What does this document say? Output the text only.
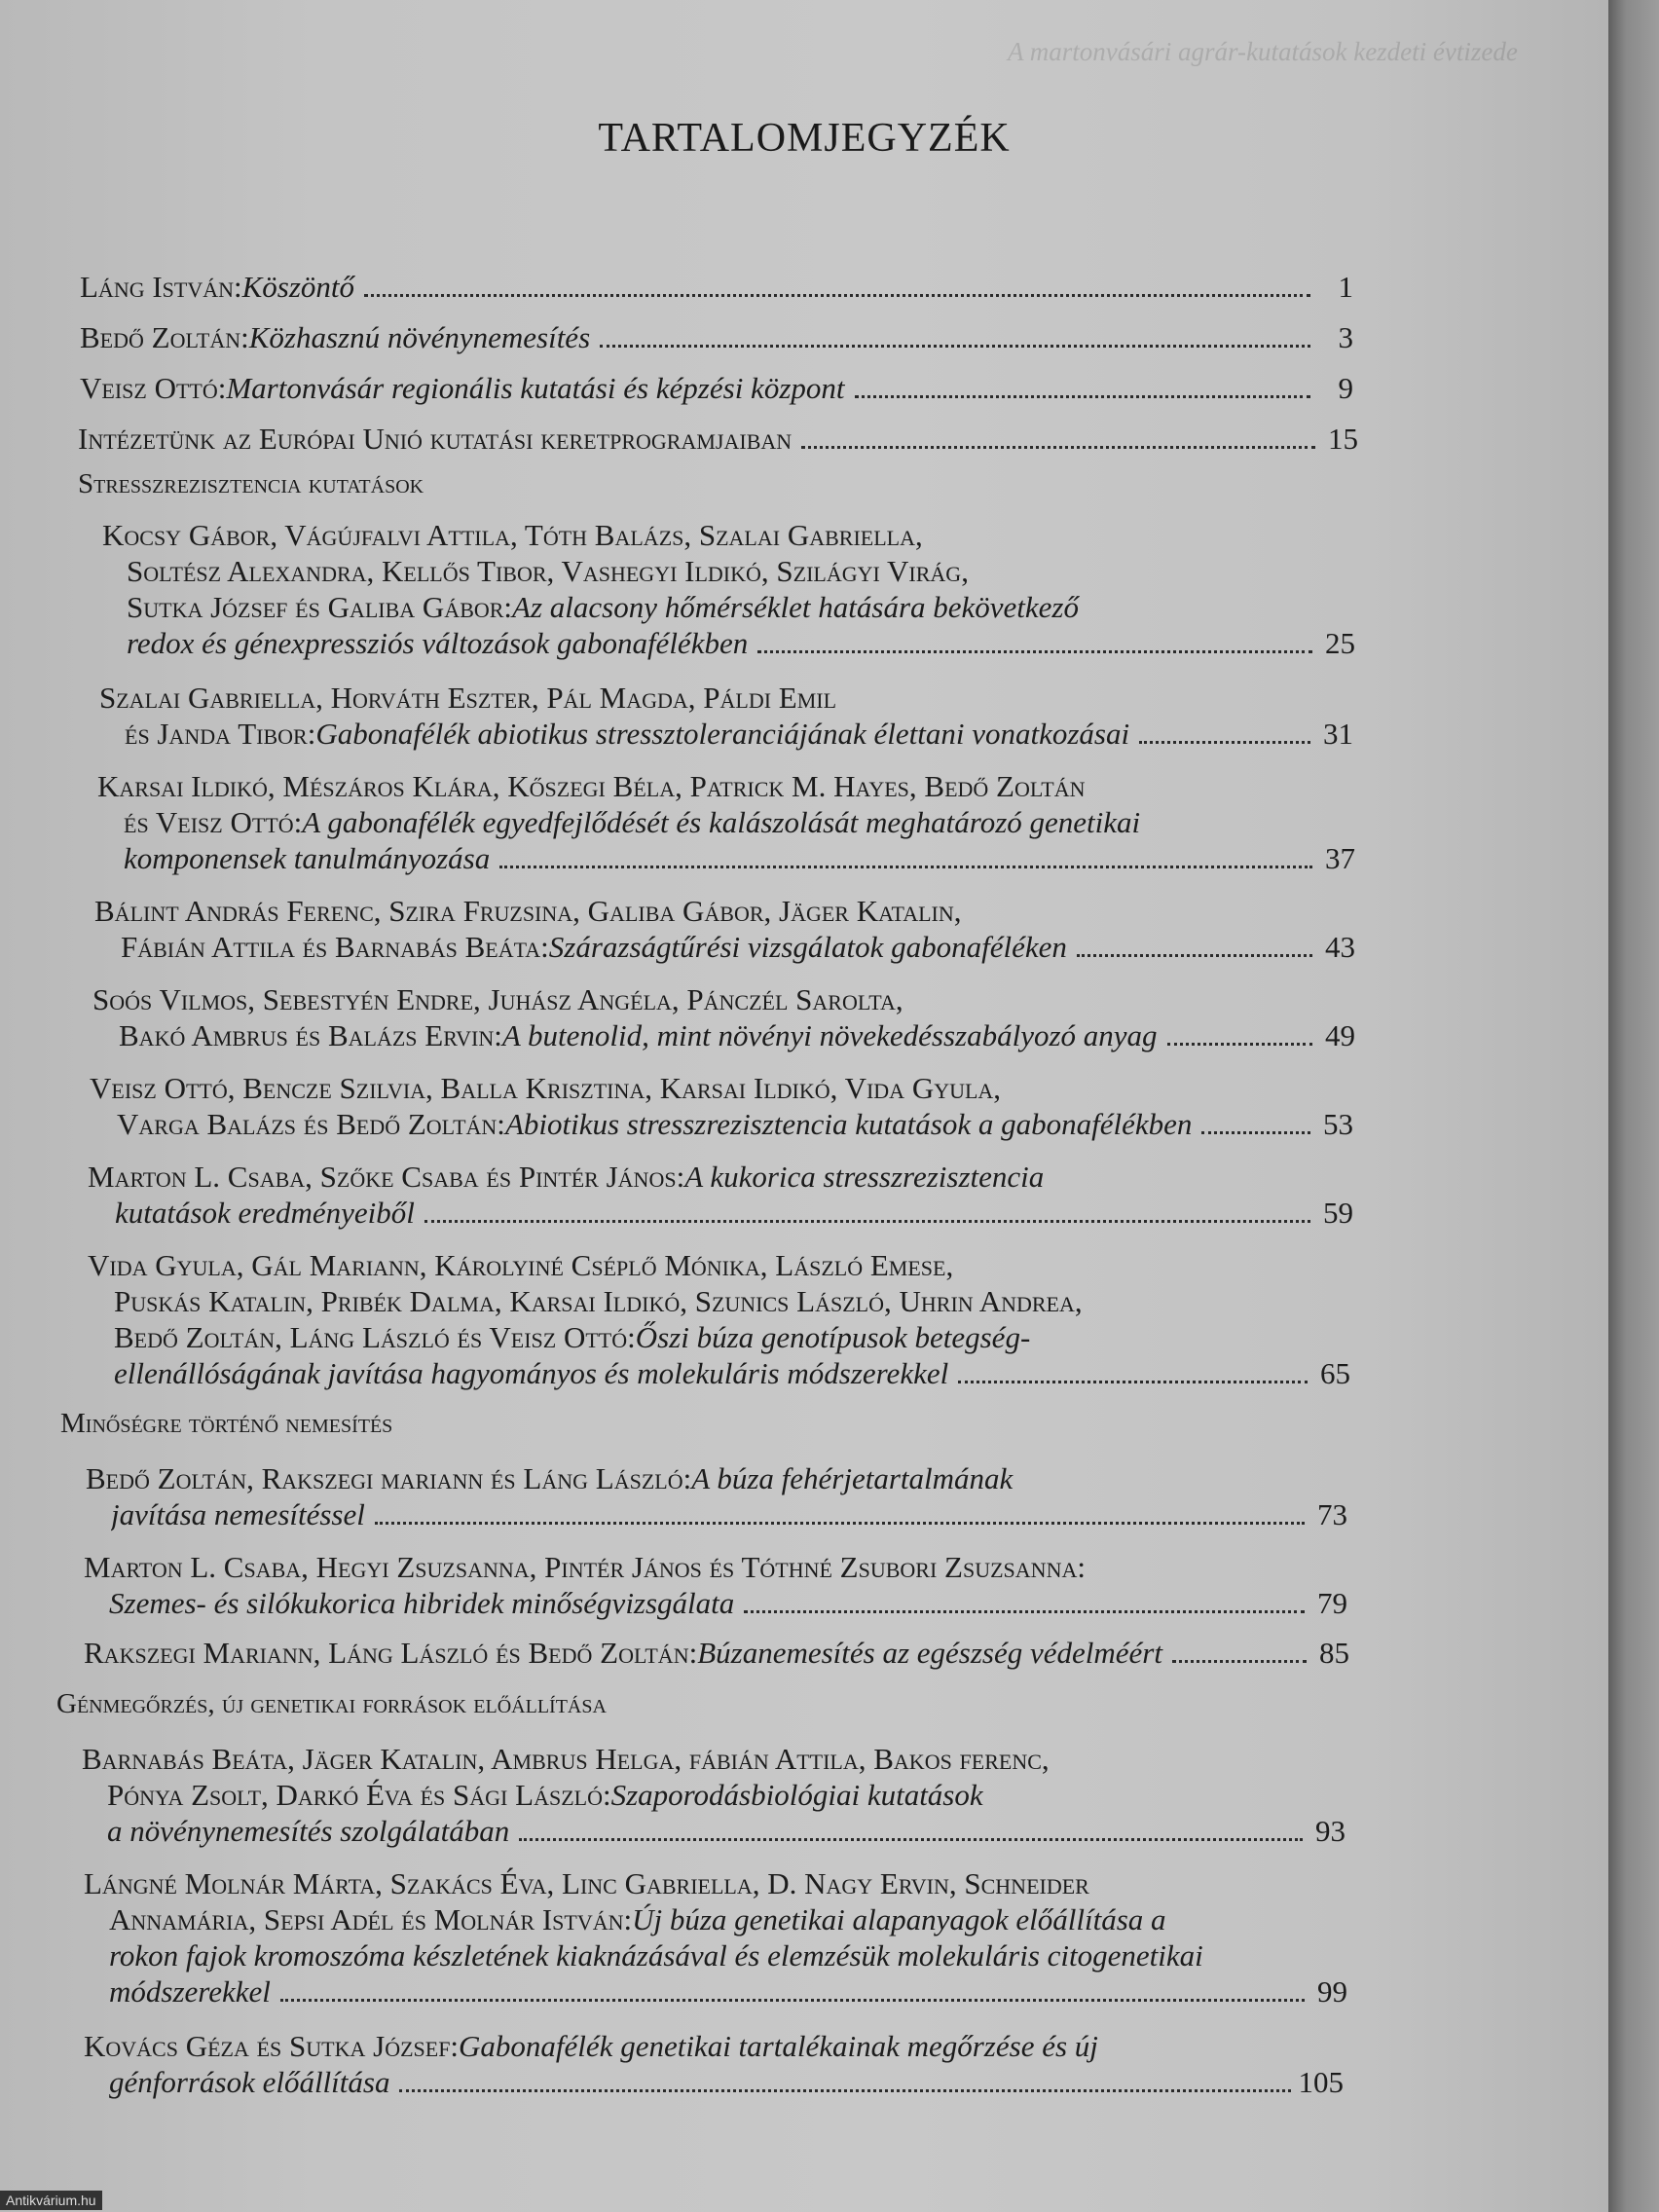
A martonvásári agrár-kutatások kezdeti évtizede
TARTALOMJEGYZÉK
Láng István: Köszöntő	1
Bedő Zoltán: Közhasznú növénynemesítés	3
Veisz Ottó: Martonvásár regionális kutatási és képzési központ	9
Intézetünk az Európai Unió kutatási keretprogramjaiban	15
Stresszrezisztencia kutatások
Kocsy Gábor, Vágújfalvi Attila, Tóth Balázs, Szalai Gabriella,
Soltész Alexandra, Kellős Tibor, Vashegyi Ildikó, Szilágyi Virág,
Sutka József és Galiba Gábor: Az alacsony hőmérséklet hatására bekövetkező
redox és génexpressziós változások gabonafélékben	25
Szalai Gabriella, Horváth Eszter, Pál Magda, Páldi Emil
és Janda Tibor: Gabonafélék abiotikus stressztoleranciájának élettani vonatkozásai	31
Karsai Ildikó, Mészáros Klára, Kőszegi Béla, Patrick M. Hayes, Bedő Zoltán
és Veisz Ottó: A gabonafélék egyedfejlődését és kalászolását meghatározó genetikai
komponensek tanulmányozása	37
Bálint András Ferenc, Szira Fruzsina, Galiba Gábor, Jäger Katalin,
Fábián Attila és Barnabás Beáta: Szárazságtűrési vizsgálatok gabonaféléken	43
Soós Vilmos, Sebestyén Endre, Juhász Angéla, Pánczél Sarolta,
Bakó Ambrus és Balázs Ervin: A butenolid, mint növényi növekedésszabályozó anyag	49
Veisz Ottó, Bencze Szilvia, Balla Krisztina, Karsai Ildikó, Vida Gyula,
Varga Balázs és Bedő Zoltán: Abiotikus stresszrezisztencia kutatások a gabonafélékben	53
Marton L. Csaba, Szőke Csaba és Pintér János: A kukorica stresszrezisztencia
kutatások eredményeiből	59
Vida Gyula, Gál Mariann, Károlyiné Cséplő Mónika, László Emese,
Puskás Katalin, Pribék Dalma, Karsai Ildikó, Szunics László, Uhrin Andrea,
Bedő Zoltán, Láng László és Veisz Ottó: Őszi búza genotípusok betegség-
ellenállóságának javítása hagyományos és molekuláris módszerekkel	65
Minőségre történő nemesítés
Bedő Zoltán, Rakszegi mariann és Láng László: A búza fehérjetartalmának
javítása nemesítéssel	73
Marton L. Csaba, Hegyi Zsuzsanna, Pintér János és Tóthné Zsubori Zsuzsanna:
Szemes- és silókukorica hibridek minőségvizsgálata	79
Rakszegi Mariann, Láng László és Bedő Zoltán: Búzanemesítés az egészség védelméért	85
Génmegőrzés, új genetikai források előállítása
Barnabás Beáta, Jäger Katalin, Ambrus Helga, fábián Attila, Bakos ferenc,
Pónya Zsolt, Darkó Éva és Sági László: Szaporodásbiológiai kutatások
a növénynemesítés szolgálatában	93
Lángné Molnár Márta, Szakács Éva, Linc Gabriella, D. Nagy Ervin, Schneider
Annamária, Sepsi Adél és Molnár István: Új búza genetikai alapanyagok előállítása a
rokon fajok kromoszóma készletének kiaknázásával és elemzésük molekuláris citogenetikai
módszerekkel	99
Kovács Géza és Sutka József: Gabonafélék genetikai tartalékainak megőrzése és új
génforrások előállítása	105
Antikvárium.hu
